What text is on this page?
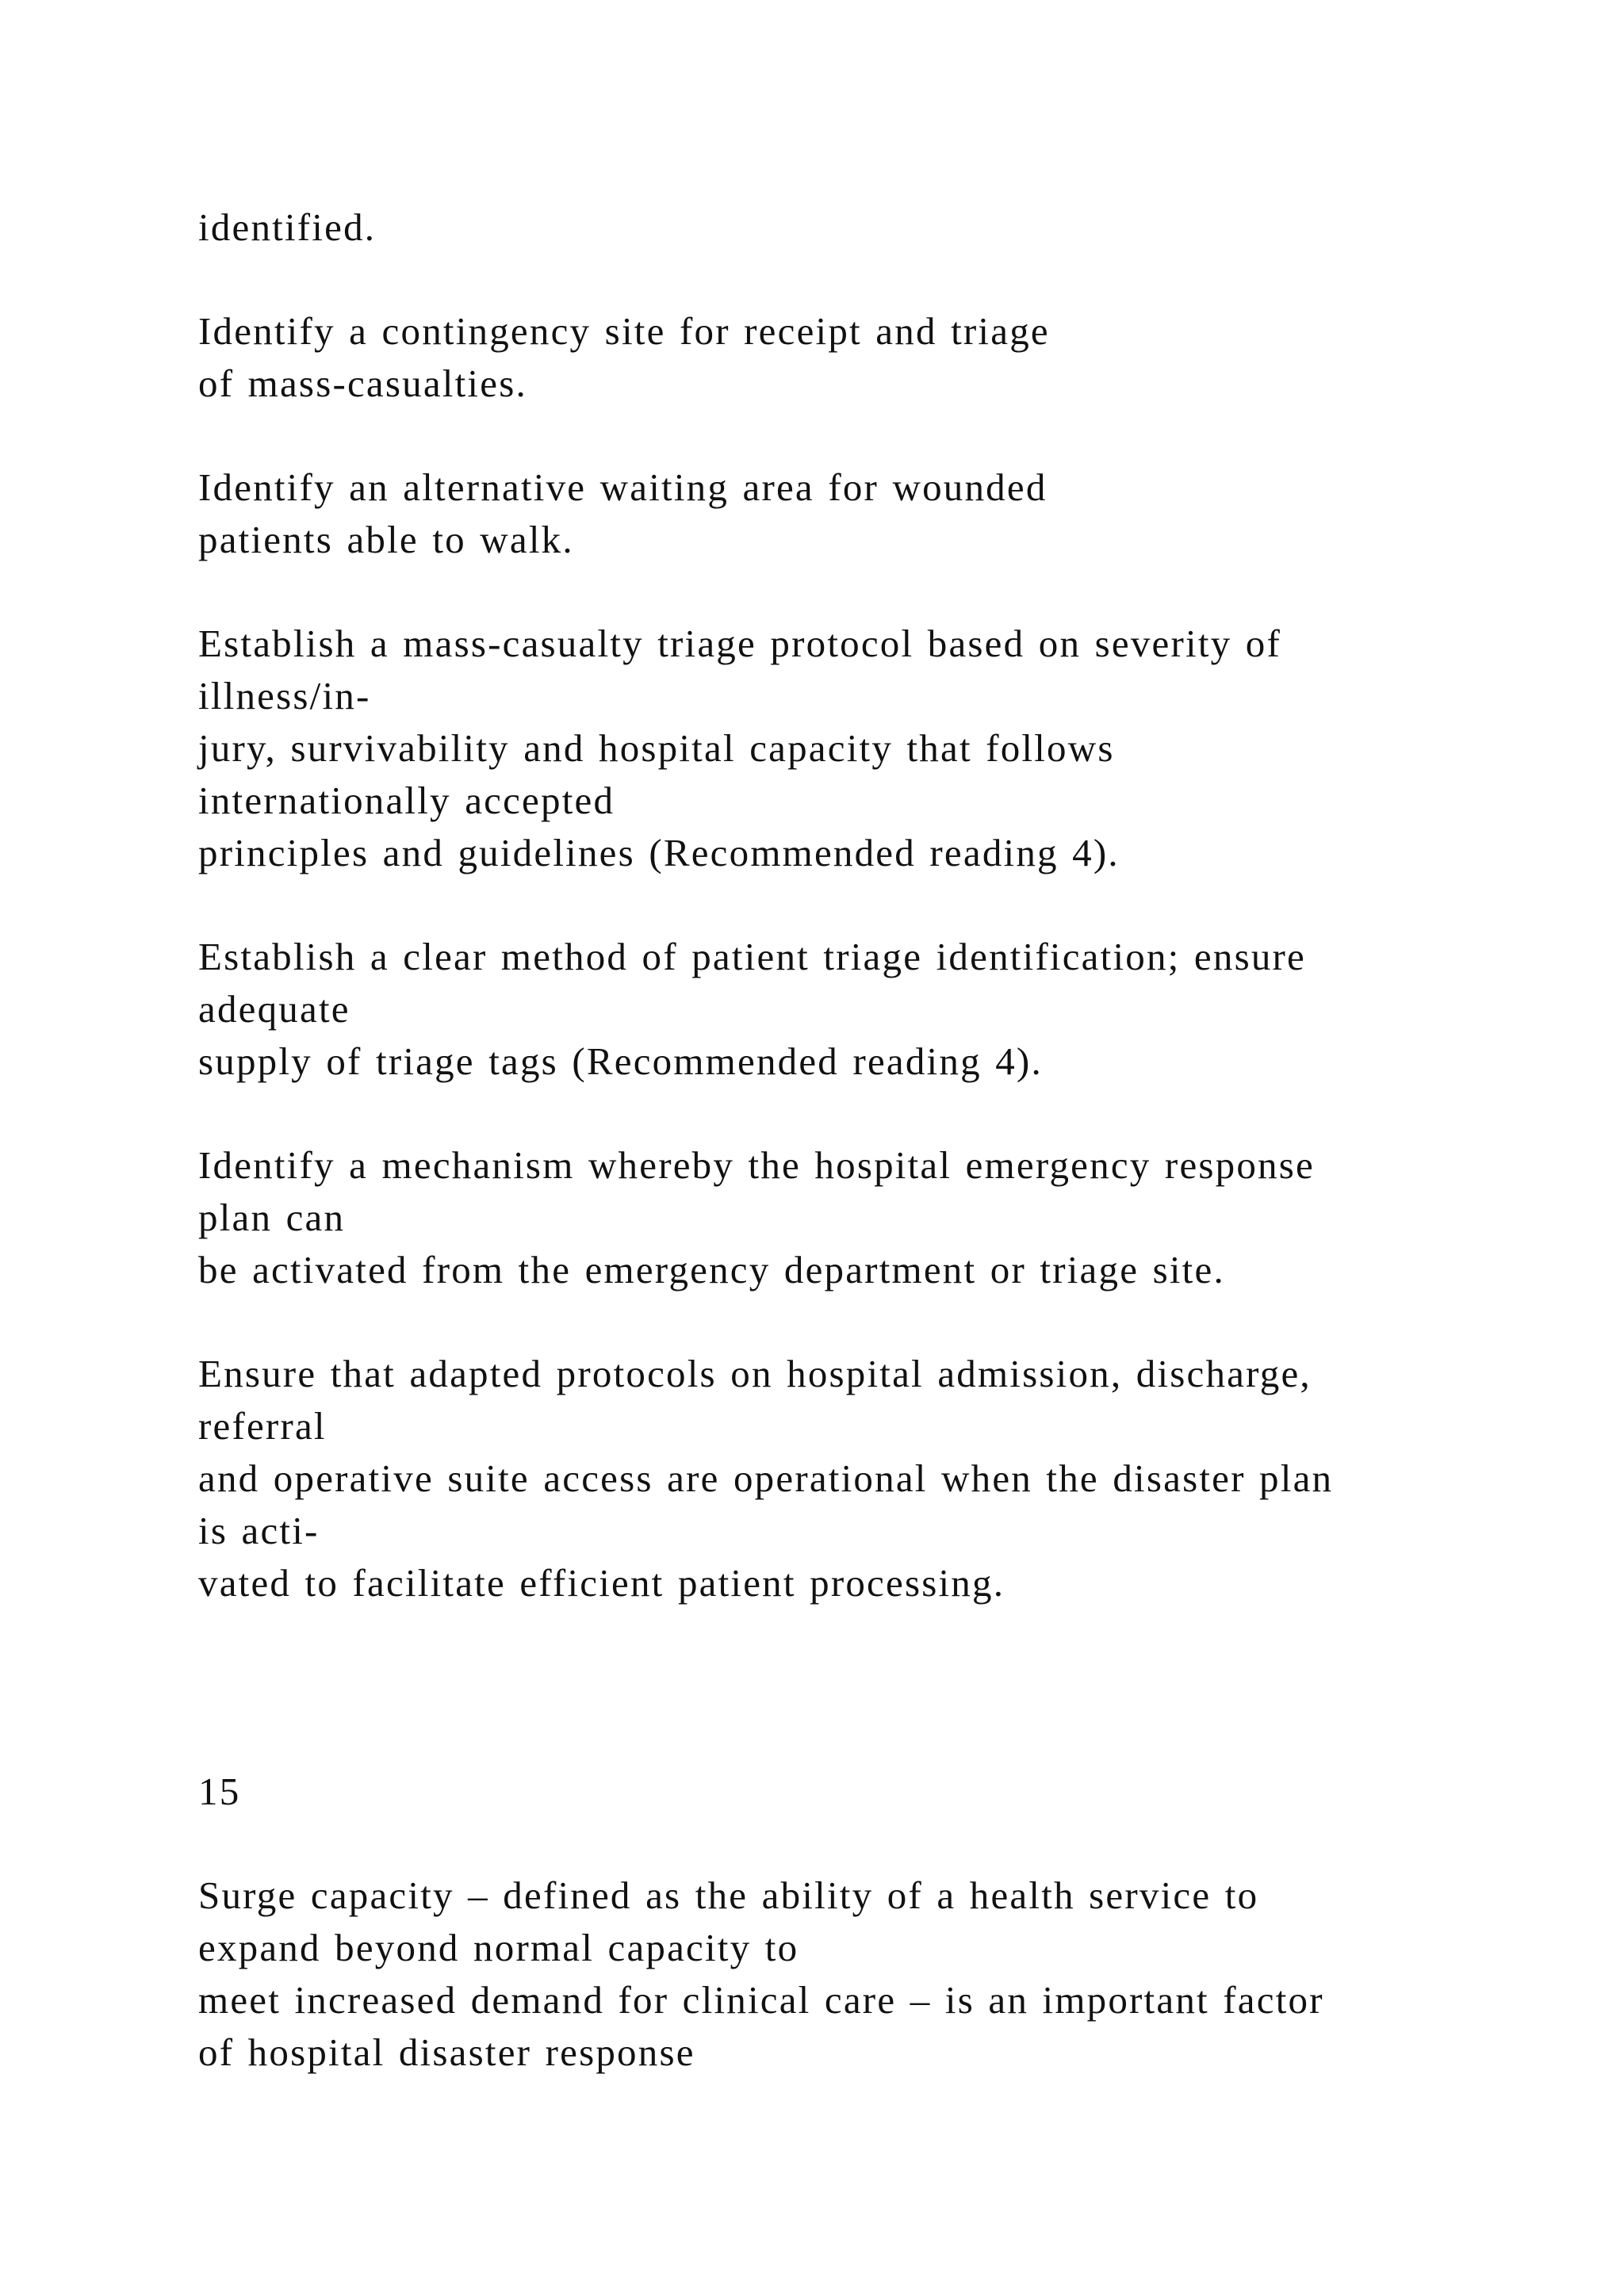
identified.

Identify a contingency site for receipt and triage

of mass-casualties.

Identify an alternative waiting area for wounded

patients able to walk.

Establish a mass-casualty triage protocol based on severity of

illness/in-

jury, survivability and hospital capacity that follows

internationally accepted

principles and guidelines (Recommended reading 4).

Establish a clear method of patient triage identification; ensure

adequate

supply of triage tags (Recommended reading 4).

Identify a mechanism whereby the hospital emergency response

plan can

be activated from the emergency department or triage site.

Ensure that adapted protocols on hospital admission, discharge,

referral

and operative suite access are operational when the disaster plan

is acti-

vated to facilitate efficient patient processing.

15

Surge capacity – defined as the ability of a health service to

expand beyond normal capacity to

meet increased demand for clinical care – is an important factor

of hospital disaster response
